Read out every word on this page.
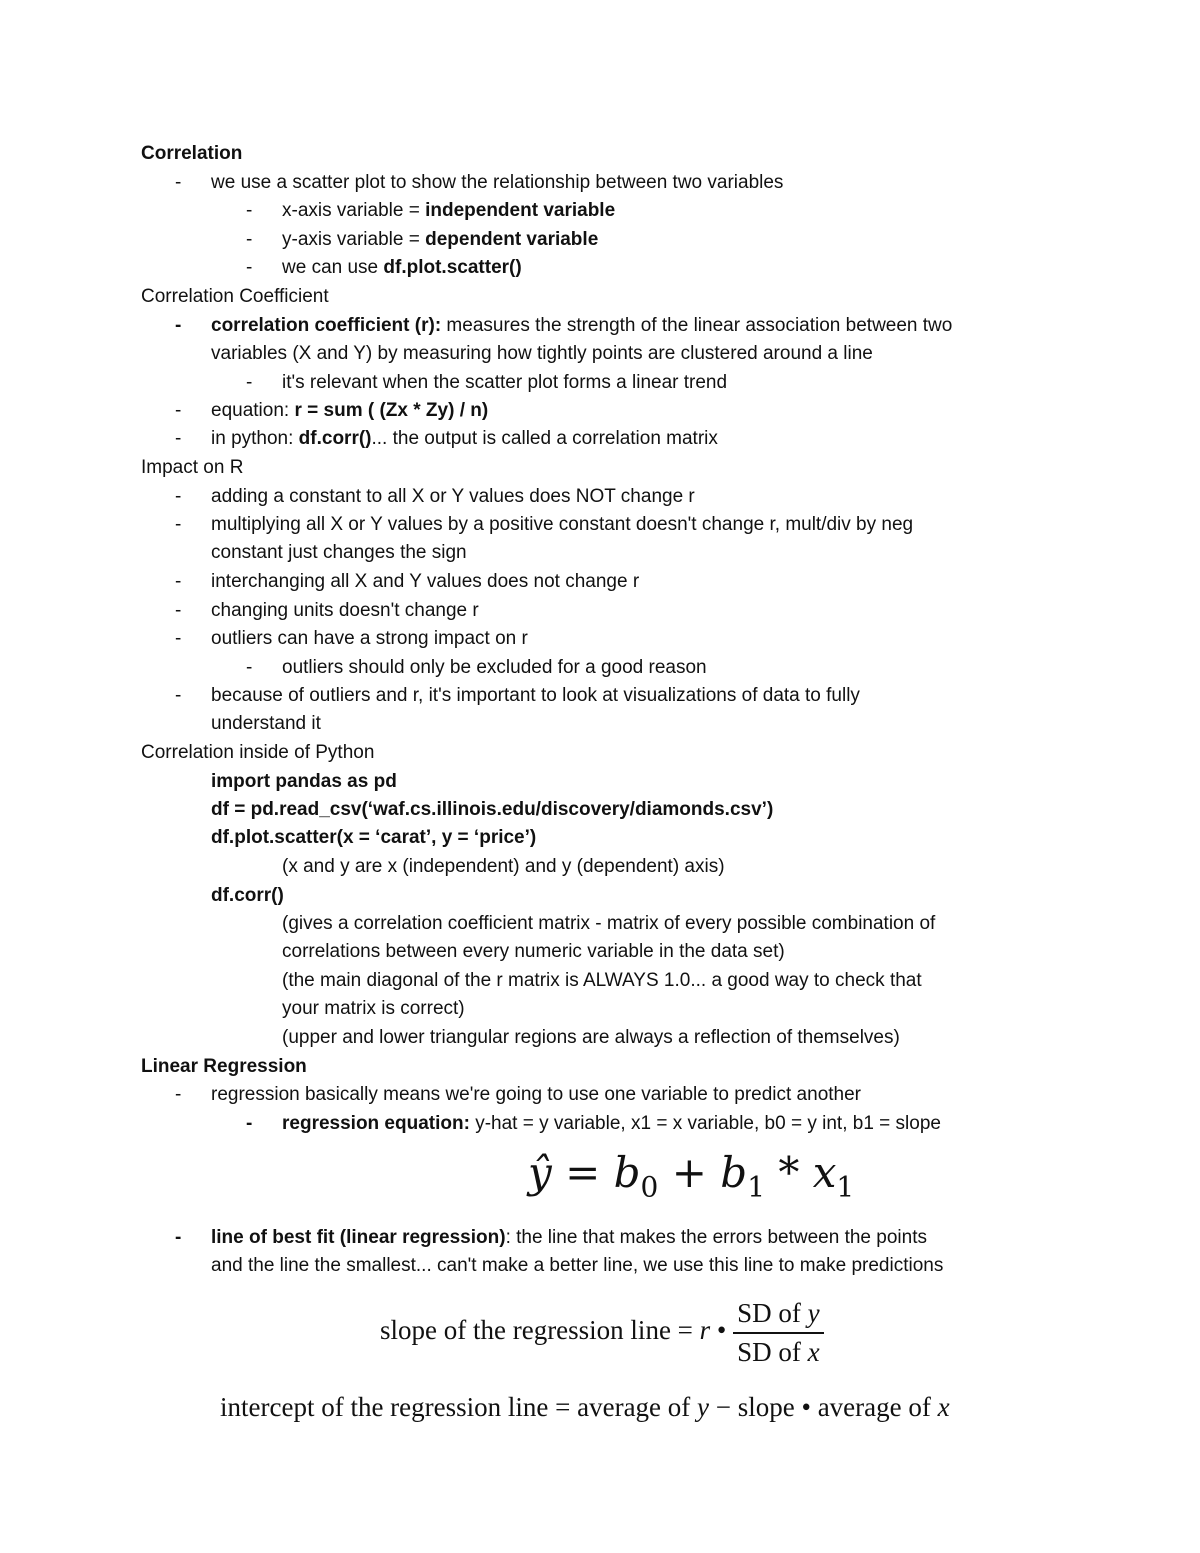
Correlation
- we use a scatter plot to show the relationship between two variables
- x-axis variable = independent variable
- y-axis variable = dependent variable
- we can use df.plot.scatter()
Correlation Coefficient
- correlation coefficient (r): measures the strength of the linear association between two
variables (X and Y) by measuring how tightly points are clustered around a line
- it's relevant when the scatter plot forms a linear trend
- equation: r = sum ( (Zx * Zy) / n)
- in python: df.corr()... the output is called a correlation matrix
Impact on R
- adding a constant to all X or Y values does NOT change r
- multiplying all X or Y values by a positive constant doesn't change r, mult/div by neg
constant just changes the sign
- interchanging all X and Y values does not change r
- changing units doesn't change r
- outliers can have a strong impact on r
- outliers should only be excluded for a good reason
- because of outliers and r, it's important to look at visualizations of data to fully
understand it
Correlation inside of Python
import pandas as pd
df = pd.read_csv(‘waf.cs.illinois.edu/discovery/diamonds.csv’)
df.plot.scatter(x = ‘carat’, y = ‘price’)
(x and y are x (independent) and y (dependent) axis)
df.corr()
(gives a correlation coefficient matrix - matrix of every possible combination of
correlations between every numeric variable in the data set)
(the main diagonal of the r matrix is ALWAYS 1.0... a good way to check that
your matrix is correct)
(upper and lower triangular regions are always a reflection of themselves)
Linear Regression
- regression basically means we're going to use one variable to predict another
- regression equation: y-hat = y variable, x1 = x variable, b0 = y int, b1 = slope
ŷ = $b_0 + b_1 * x_1$
- line of best fit (linear regression): the line that makes the errors between the points
and the line the smallest... can't make a better line, we use this line to make predictions
slope of the regression line = r • $\frac{\text{SD of y}}{\text{SD of x}}$
intercept of the regression line = average of y − slope • average of x
